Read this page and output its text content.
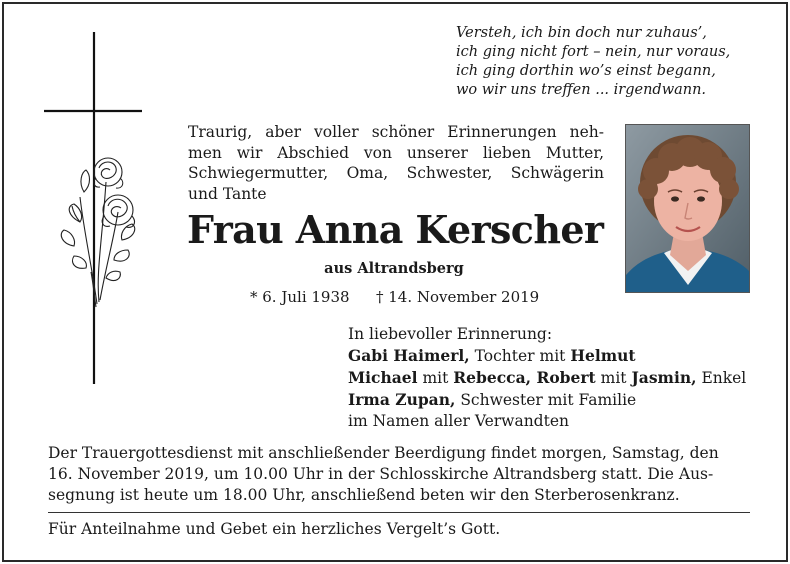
Versteh, ich bin doch nur zuhaus’,
ich ging nicht fort – nein, nur voraus,
ich ging dorthin wo’s einst begann,
wo wir uns treffen ... irgendwann.
Traurig, aber voller schöner Erinnerungen neh-
men wir Abschied von unserer lieben Mutter,
Schwiegermutter, Oma, Schwester, Schwägerin
und Tante
Frau Anna Kerscher
aus Altrandsberg
* 6. Juli 1938 † 14. November 2019
In liebevoller Erinnerung:
Gabi Haimerl, Tochter mit Helmut
Michael mit Rebecca, Robert mit Jasmin, Enkel
Irma Zupan, Schwester mit Familie
im Namen aller Verwandten
Der Trauergottesdienst mit anschließender Beerdigung findet morgen, Samstag, den
16. November 2019, um 10.00 Uhr in der Schlosskirche Altrandsberg statt. Die Aus-
segnung ist heute um 18.00 Uhr, anschließend beten wir den Sterberosenkranz.
Für Anteilnahme und Gebet ein herzliches Vergelt’s Gott.
